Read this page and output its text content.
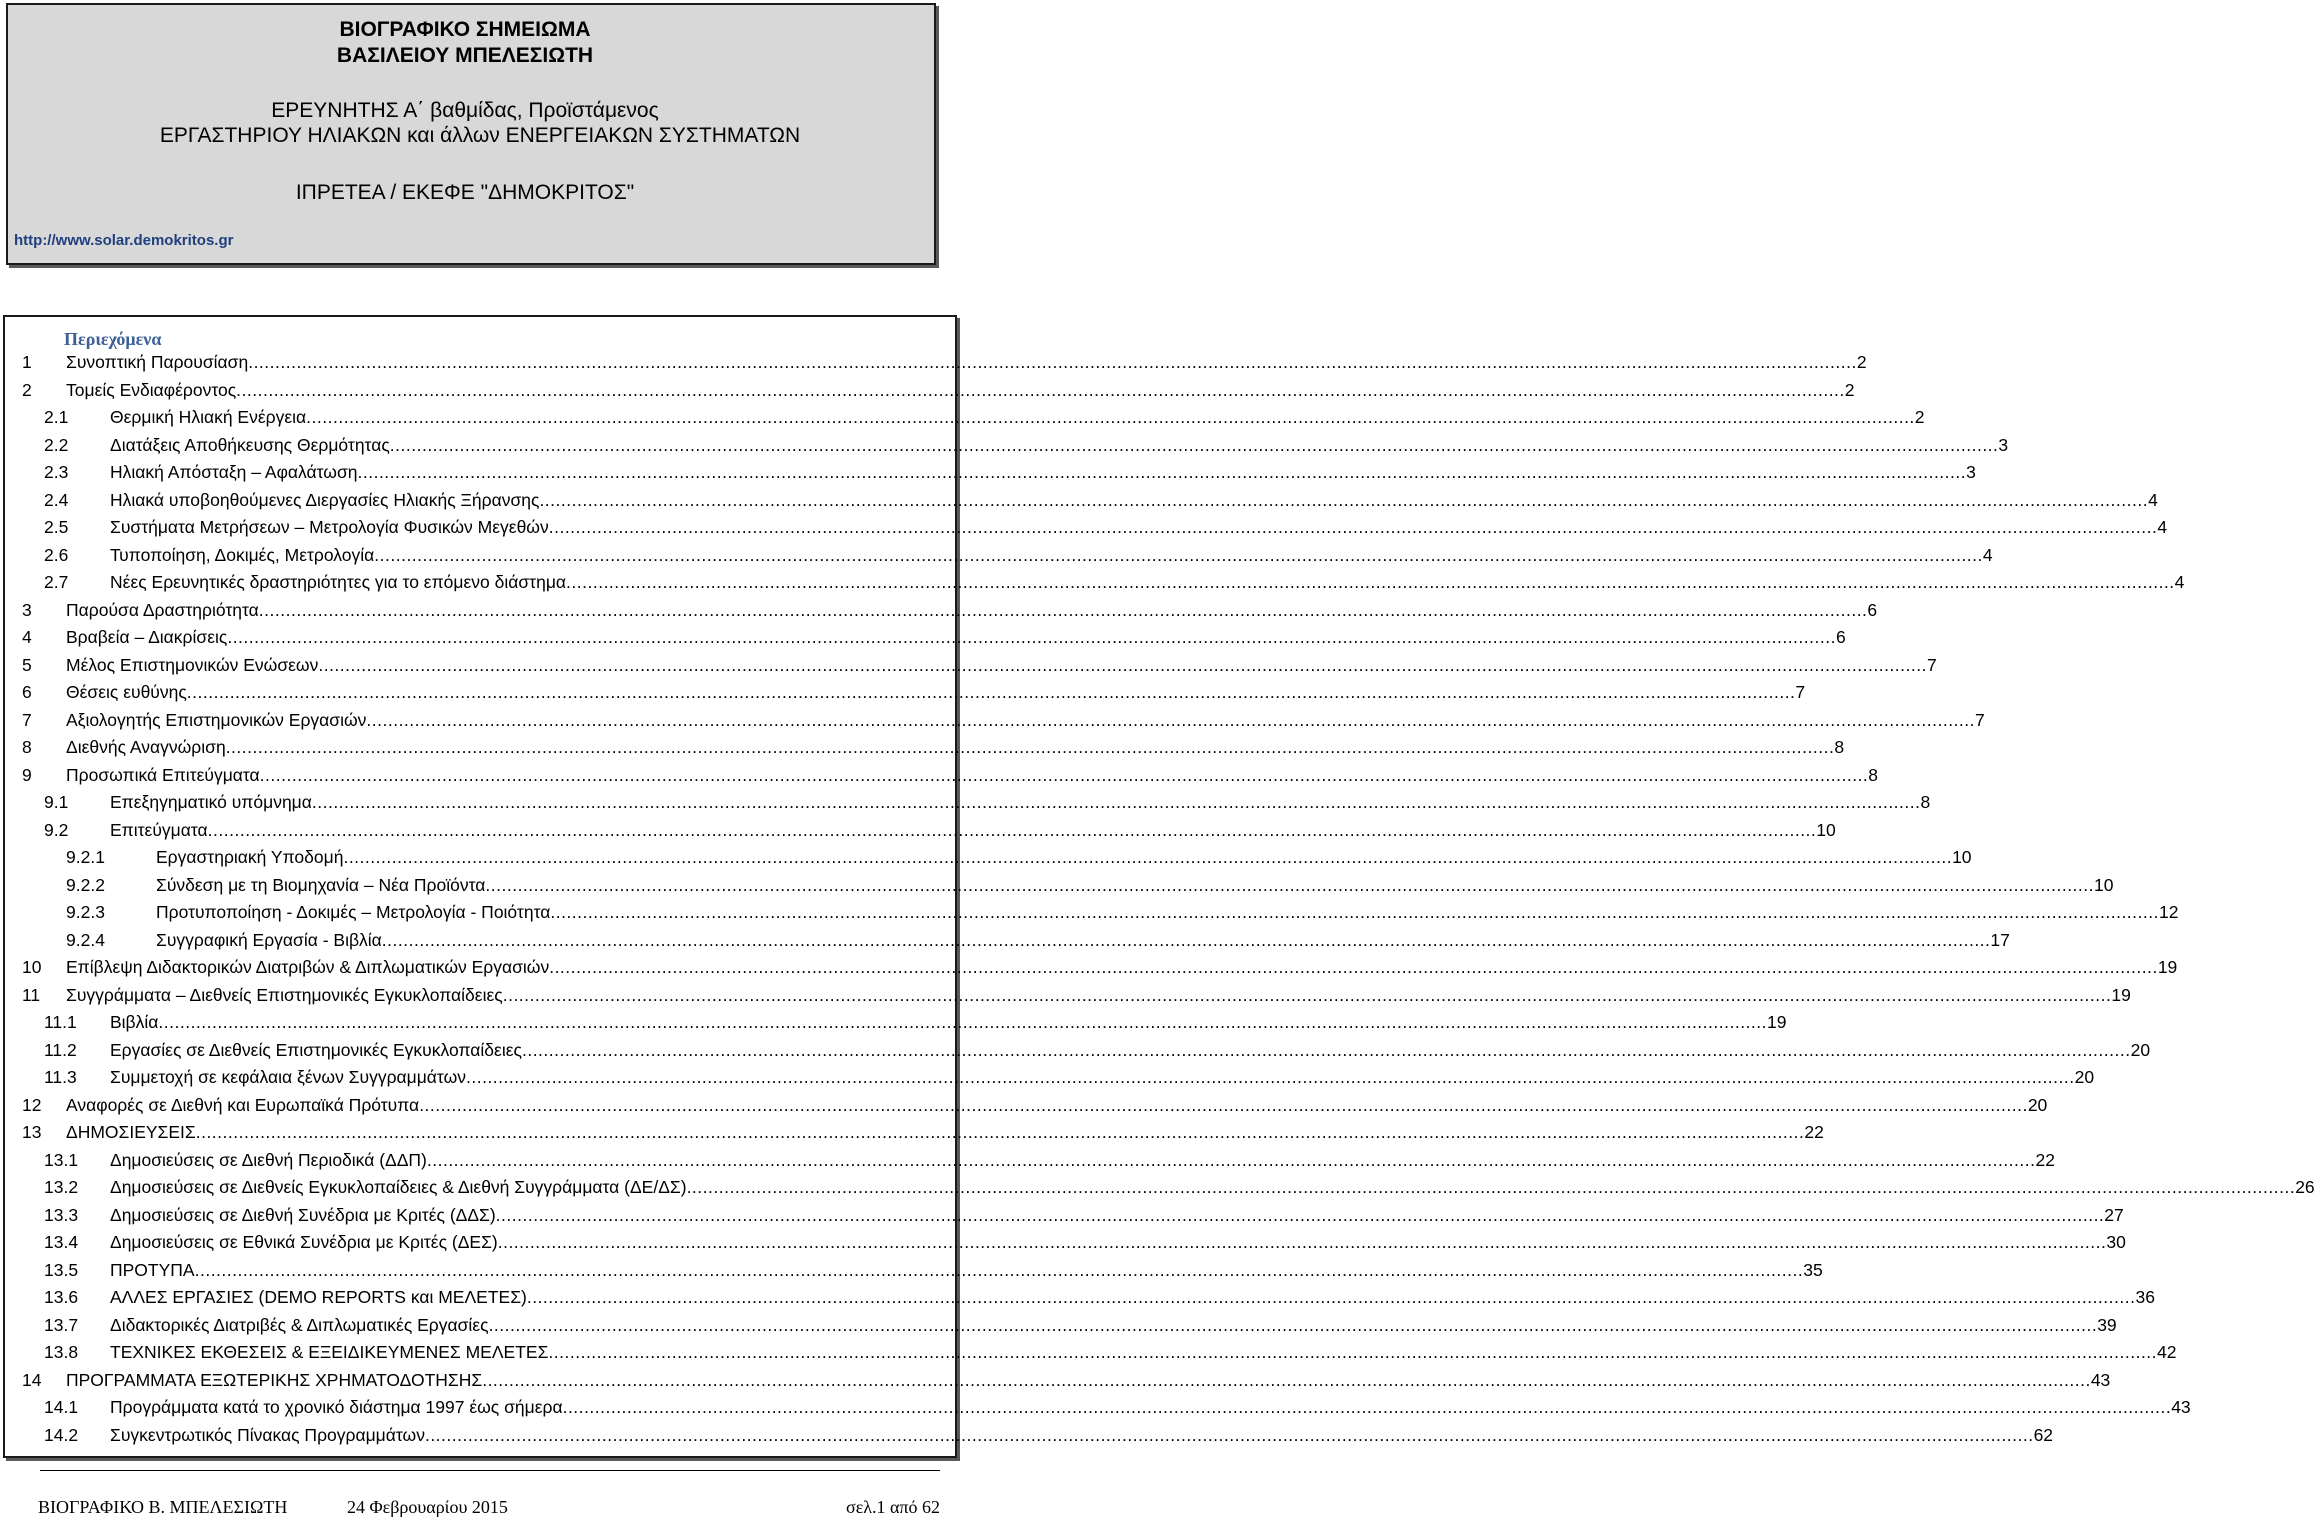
ΒΙΟΓΡΑΦΙΚΟ ΣΗΜΕΙΩΜΑ
ΒΑΣΙΛΕΙΟΥ ΜΠΕΛΕΣΙΩΤΗ
ΕΡΕΥΝΗΤΗΣ Α΄ βαθμίδας, Προϊστάμενος
ΕΡΓΑΣΤΗΡΙΟΥ ΗΛΙΑΚΩΝ και άλλων ΕΝΕΡΓΕΙΑΚΩΝ ΣΥΣΤΗΜΑΤΩΝ
ΙΠΡΕΤΕΑ / ΕΚΕΦΕ "ΔΗΜΟΚΡΙΤΟΣ"
http://www.solar.demokritos.gr
Περιεχόμενα
1 Συνοπτική Παρουσίαση ............................................................................................................................................................................................................................................................................................................ 2
2 Τομείς Ενδιαφέροντος ............................................................................................................................................................................................................................................................................................................ 2
2.1 Θερμική Ηλιακή Ενέργεια ............................................................................................................................................................................................................................................................................................................ 2
2.2 Διατάξεις Αποθήκευσης Θερμότητας ............................................................................................................................................................................................................................................................................................................ 3
2.3 Ηλιακή Απόσταξη – Αφαλάτωση ............................................................................................................................................................................................................................................................................................................ 3
2.4 Ηλιακά υποβοηθούμενες Διεργασίες Ηλιακής Ξήρανσης ............................................................................................................................................................................................................................................................................................................ 4
2.5 Συστήματα Μετρήσεων – Μετρολογία Φυσικών Μεγεθών ............................................................................................................................................................................................................................................................................................................ 4
2.6 Τυποποίηση, Δοκιμές, Μετρολογία ............................................................................................................................................................................................................................................................................................................ 4
2.7 Νέες Ερευνητικές δραστηριότητες για το επόμενο διάστημα ............................................................................................................................................................................................................................................................................................................ 4
3 Παρούσα Δραστηριότητα ............................................................................................................................................................................................................................................................................................................ 6
4 Βραβεία – Διακρίσεις ............................................................................................................................................................................................................................................................................................................ 6
5 Μέλος Επιστημονικών Ενώσεων ............................................................................................................................................................................................................................................................................................................ 7
6 Θέσεις ευθύνης ............................................................................................................................................................................................................................................................................................................ 7
7 Αξιολογητής Επιστημονικών Εργασιών ............................................................................................................................................................................................................................................................................................................ 7
8 Διεθνής Αναγνώριση ............................................................................................................................................................................................................................................................................................................ 8
9 Προσωπικά Επιτεύγματα ............................................................................................................................................................................................................................................................................................................ 8
9.1 Επεξηγηματικό υπόμνημα ............................................................................................................................................................................................................................................................................................................ 8
9.2 Επιτεύγματα ............................................................................................................................................................................................................................................................................................................ 10
9.2.1	Εργαστηριακή Υποδομή ............................................................................................................................................................................................................................................................................................................ 10
9.2.2	Σύνδεση με τη Βιομηχανία – Νέα Προϊόντα ............................................................................................................................................................................................................................................................................................................ 10
9.2.3	Προτυποποίηση - Δοκιμές – Μετρολογία - Ποιότητα ............................................................................................................................................................................................................................................................................................................ 12
9.2.4	Συγγραφική Εργασία - Βιβλία ............................................................................................................................................................................................................................................................................................................ 17
10 Επίβλεψη Διδακτορικών Διατριβών & Διπλωματικών Εργασιών ............................................................................................................................................................................................................................................................................................................ 19
11 Συγγράμματα – Διεθνείς Επιστημονικές Εγκυκλοπαίδειες ............................................................................................................................................................................................................................................................................................................ 19
11.1 Βιβλία ............................................................................................................................................................................................................................................................................................................ 19
11.2 Εργασίες σε Διεθνείς Επιστημονικές Εγκυκλοπαίδειες ............................................................................................................................................................................................................................................................................................................ 20
11.3 Συμμετοχή σε κεφάλαια ξένων Συγγραμμάτων ............................................................................................................................................................................................................................................................................................................ 20
12 Αναφορές σε Διεθνή και Ευρωπαϊκά Πρότυπα ............................................................................................................................................................................................................................................................................................................ 20
13 ΔΗΜΟΣΙΕΥΣΕΙΣ ............................................................................................................................................................................................................................................................................................................ 22
13.1 Δημοσιεύσεις σε Διεθνή Περιοδικά (ΔΔΠ) ............................................................................................................................................................................................................................................................................................................ 22
13.2 Δημοσιεύσεις σε Διεθνείς Εγκυκλοπαίδειες & Διεθνή Συγγράμματα (ΔΕ/ΔΣ) ............................................................................................................................................................................................................................................................................................................ 26
13.3 Δημοσιεύσεις σε Διεθνή Συνέδρια με Κριτές (ΔΔΣ) ............................................................................................................................................................................................................................................................................................................ 27
13.4 Δημοσιεύσεις σε Εθνικά Συνέδρια με Κριτές (ΔΕΣ) ............................................................................................................................................................................................................................................................................................................ 30
13.5 ΠΡΟΤΥΠΑ ............................................................................................................................................................................................................................................................................................................ 35
13.6 ΑΛΛΕΣ ΕΡΓΑΣΙΕΣ (DEMO REPORTS και ΜΕΛΕΤΕΣ) ............................................................................................................................................................................................................................................................................................................ 36
13.7 Διδακτορικές Διατριβές & Διπλωματικές Εργασίες ............................................................................................................................................................................................................................................................................................................ 39
13.8 ΤΕΧΝΙΚΕΣ ΕΚΘΕΣΕΙΣ & ΕΞΕΙΔΙΚΕΥΜΕΝΕΣ ΜΕΛΕΤΕΣ ............................................................................................................................................................................................................................................................................................................ 42
14 ΠΡΟΓΡΑΜΜΑΤΑ ΕΞΩΤΕΡΙΚΗΣ ΧΡΗΜΑΤΟΔΟΤΗΣΗΣ ............................................................................................................................................................................................................................................................................................................ 43
14.1 Προγράμματα κατά το χρονικό διάστημα 1997 έως σήμερα ............................................................................................................................................................................................................................................................................................................ 43
14.2 Συγκεντρωτικός Πίνακας Προγραμμάτων ............................................................................................................................................................................................................................................................................................................ 62
ΒΙΟΓΡΑΦΙΚΟ Β. ΜΠΕΛΕΣΙΩΤΗ	24 Φεβρουαρίου 2015	σελ.1 από 62
